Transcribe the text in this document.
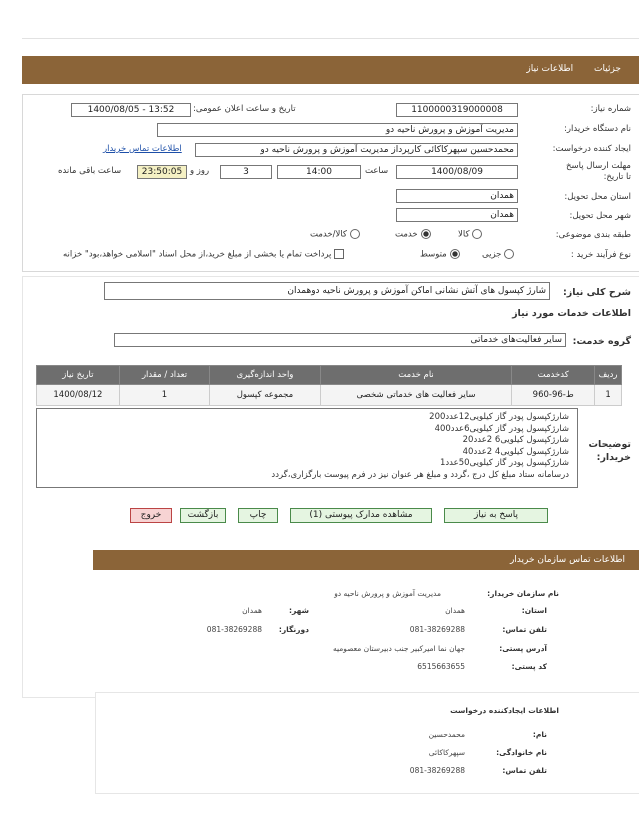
جزئیات اطلاعات نیاز
شماره نیاز:
1100000319000008
تاریخ و ساعت اعلان عمومی:
1400/08/05 - 13:52
نام دستگاه خریدار:
مدیریت آموزش و پرورش ناحیه دو
ایجاد کننده درخواست:
محمدحسین سپهرکاکائی کارپرداز مدیریت آموزش و پرورش ناحیه دو
اطلاعات تماس خریدار
مهلت ارسال پاسخ تا تاریخ:
1400/08/09
ساعت
14:00
3
روز و
23:50:05
ساعت باقی مانده
استان محل تحویل:
همدان
شهر محل تحویل:
همدان
طبقه بندی موضوعی:
کالا
خدمت
کالا/خدمت
نوع فرآیند خرید :
جزیی
متوسط
پرداخت تمام یا بخشی از مبلغ خرید،از محل اسناد "اسلامی خواهد،بود" خزانه
شرح کلی نیاز:
شارژ کپسول های آتش نشانی اماکن آموزش و پرورش ناحیه دوهمدان
اطلاعات خدمات مورد نیاز
گروه خدمت:
سایر فعالیت‌های خدماتی
ردیف	کدخدمت	نام خدمت	واحد اندازه‌گیری	تعداد / مقدار	تاریخ نیاز
1	ط-96-960	سایر فعالیت های خدماتی شخصی	مجموعه کپسول	1	1400/08/12
توضیحات خریدار:
شارژکپسول پودر گاز کیلویی12عدد200
شارژکپسول پودر گاز کیلویی6عدد400
شارژکپسول کیلویی6 2عدد20
شارژکپسول کیلویی4 2عدد40
شارژکپسول پودر گاز کیلویی50عدد1
درسامانه ستاد مبلغ کل درج ،گردد و مبلغ هر عنوان نیز در فرم پیوست بارگزاری،گردد
پاسخ به نیاز
مشاهده مدارک پیوستی (1)
چاپ
بازگشت
خروج
اطلاعات تماس سازمان خریدار
نام سازمان خریدار:
مدیریت آموزش و پرورش ناحیه دو
استان:
همدان
شهر:
همدان
تلفن تماس:
081-38269288
دورنگار:
081-38269288
آدرس پستی:
جهان نما امیرکبیر جنب دبیرستان معصومیه
کد پستی:
6515663655
اطلاعات ایجادکننده درخواست
نام:
محمدحسین
نام خانوادگی:
سپهرکاکائی
تلفن تماس:
081-38269288
